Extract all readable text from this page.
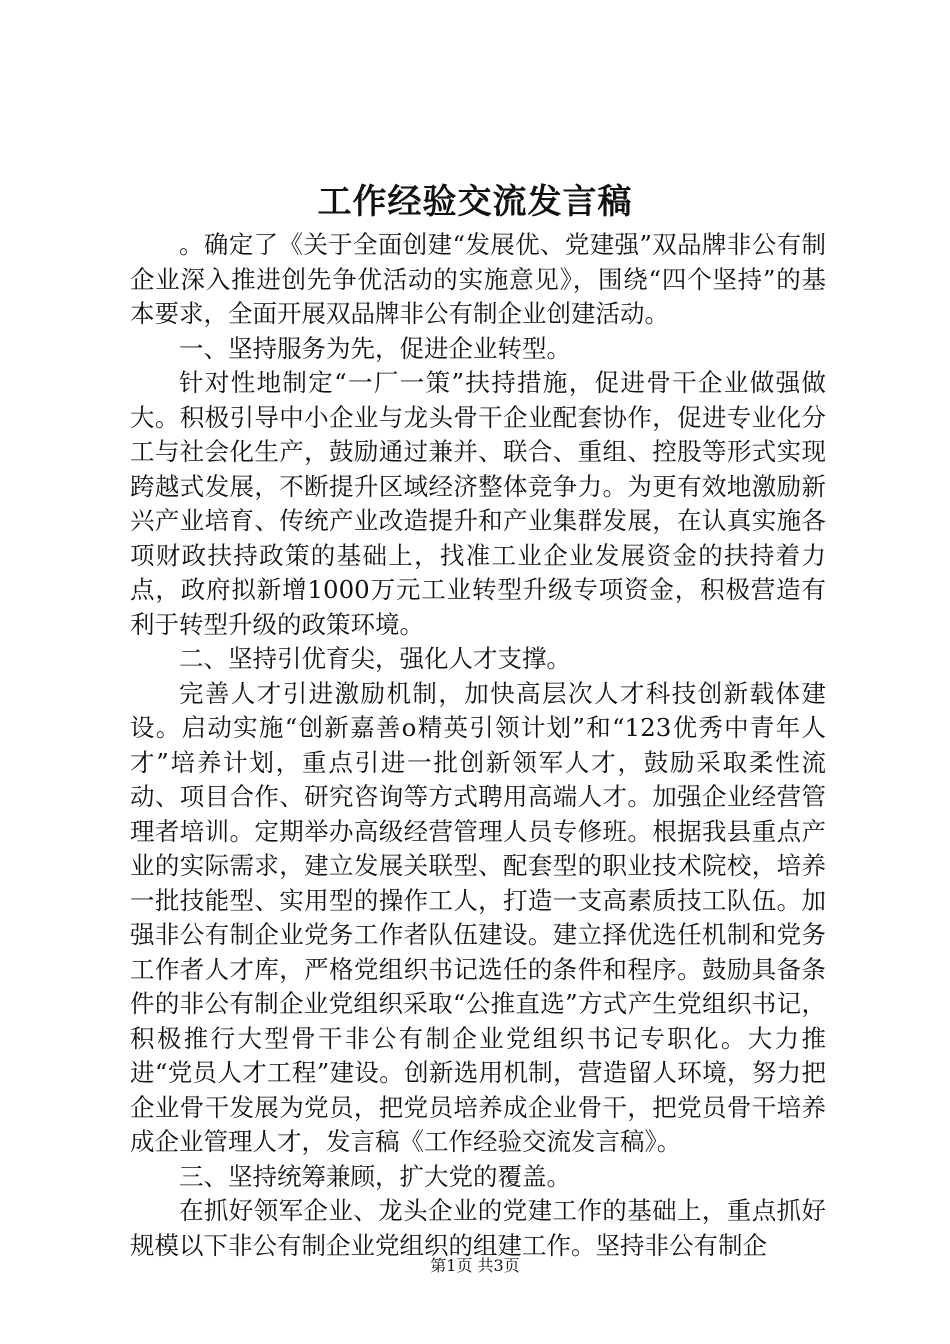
工作经验交流发言稿

。确定了《关于全面创建“发展优、党建强”双品牌非公有制企业深入推进创先争优活动的实施意见》，围绕“四个坚持”的基本要求，全面开展双品牌非公有制企业创建活动。

一、坚持服务为先，促进企业转型。

针对性地制定“一厂一策”扶持措施，促进骨干企业做强做大。积极引导中小企业与龙头骨干企业配套协作，促进专业化分工与社会化生产，鼓励通过兼并、联合、重组、控股等形式实现跨越式发展，不断提升区域经济整体竞争力。为更有效地激励新兴产业培育、传统产业改造提升和产业集群发展，在认真实施各项财政扶持政策的基础上，找准工业企业发展资金的扶持着力点，政府拟新增1000万元工业转型升级专项资金，积极营造有利于转型升级的政策环境。

二、坚持引优育尖，强化人才支撑。

完善人才引进激励机制，加快高层次人才科技创新载体建设。启动实施“创新嘉善o精英引领计划”和“123优秀中青年人才”培养计划，重点引进一批创新领军人才，鼓励采取柔性流动、项目合作、研究咨询等方式聘用高端人才。加强企业经营管理者培训。定期举办高级经营管理人员专修班。根据我县重点产业的实际需求，建立发展关联型、配套型的职业技术院校，培养一批技能型、实用型的操作工人，打造一支高素质技工队伍。加强非公有制企业党务工作者队伍建设。建立择优选任机制和党务工作者人才库，严格党组织书记选任的条件和程序。鼓励具备条件的非公有制企业党组织采取“公推直选”方式产生党组织书记，积极推行大型骨干非公有制企业党组织书记专职化。大力推进“党员人才工程”建设。创新选用机制，营造留人环境，努力把企业骨干发展为党员，把党员培养成企业骨干，把党员骨干培养成企业管理人才，发言稿《工作经验交流发言稿》。

三、坚持统筹兼顾，扩大党的覆盖。

在抓好领军企业、龙头企业的党建工作的基础上，重点抓好规模以下非公有制企业党组织的组建工作。坚持非公有制企

第1页 共3页
